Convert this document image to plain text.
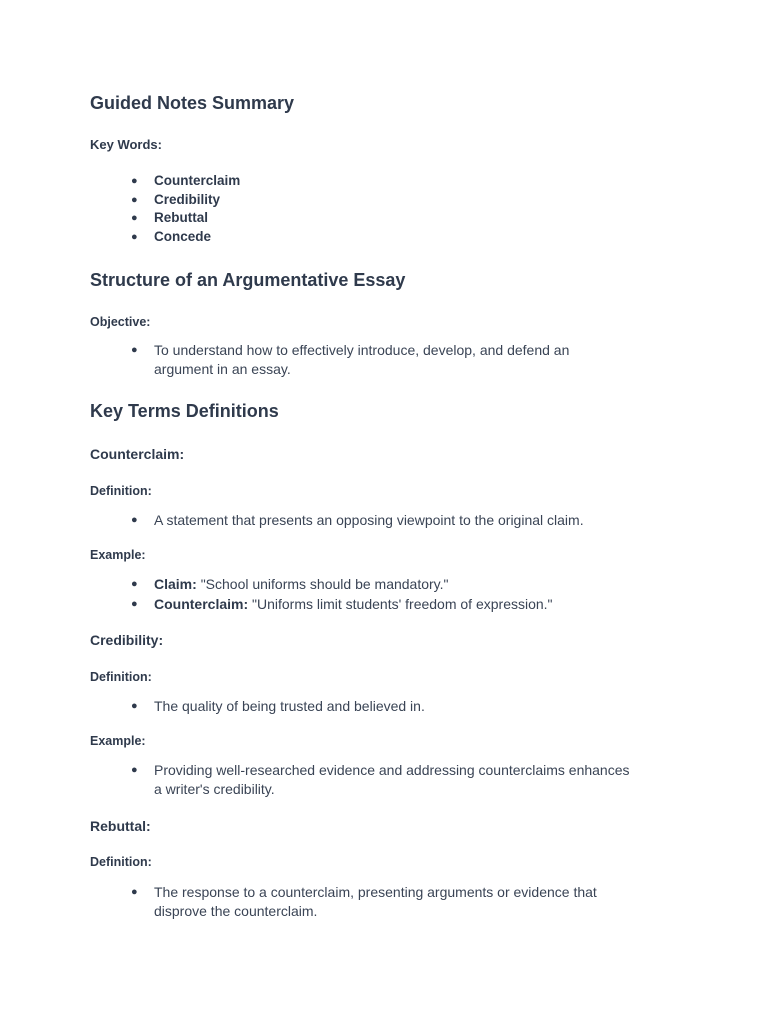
Guided Notes Summary
Key Words:
● Counterclaim
● Credibility
● Rebuttal
● Concede
Structure of an Argumentative Essay
Objective:
● To understand how to effectively introduce, develop, and defend an argument in an essay.
Key Terms Definitions
Counterclaim:
Definition:
● A statement that presents an opposing viewpoint to the original claim.
Example:
● Claim: "School uniforms should be mandatory."
● Counterclaim: "Uniforms limit students' freedom of expression."
Credibility:
Definition:
● The quality of being trusted and believed in.
Example:
● Providing well-researched evidence and addressing counterclaims enhances a writer's credibility.
Rebuttal:
Definition:
● The response to a counterclaim, presenting arguments or evidence that disprove the counterclaim.
